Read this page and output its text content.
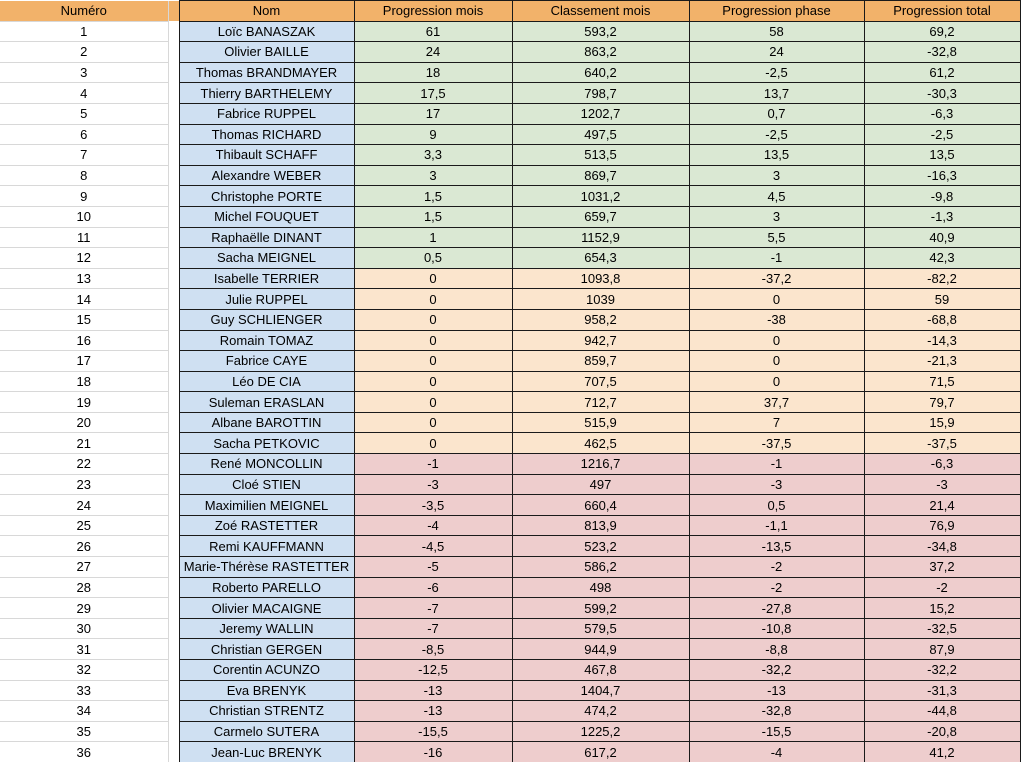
Numéro		Nom	Progression mois	Classement mois	Progression phase	Progression total	
1		Loïc BANASZAK	61	593,2	58	69,2	
2		Olivier BAILLE	24	863,2	24	-32,8	
3		Thomas BRANDMAYER	18	640,2	-2,5	61,2	
4		Thierry BARTHELEMY	17,5	798,7	13,7	-30,3	
5		Fabrice RUPPEL	17	1202,7	0,7	-6,3	
6		Thomas RICHARD	9	497,5	-2,5	-2,5	
7		Thibault SCHAFF	3,3	513,5	13,5	13,5	
8		Alexandre WEBER	3	869,7	3	-16,3	
9		Christophe PORTE	1,5	1031,2	4,5	-9,8	
10		Michel FOUQUET	1,5	659,7	3	-1,3	
11		Raphaëlle DINANT	1	1152,9	5,5	40,9	
12		Sacha MEIGNEL	0,5	654,3	-1	42,3	
13		Isabelle TERRIER	0	1093,8	-37,2	-82,2	
14		Julie RUPPEL	0	1039	0	59	
15		Guy SCHLIENGER	0	958,2	-38	-68,8	
16		Romain TOMAZ	0	942,7	0	-14,3	
17		Fabrice CAYE	0	859,7	0	-21,3	
18		Léo DE CIA	0	707,5	0	71,5	
19		Suleman ERASLAN	0	712,7	37,7	79,7	
20		Albane BAROTTIN	0	515,9	7	15,9	
21		Sacha PETKOVIC	0	462,5	-37,5	-37,5	
22		René MONCOLLIN	-1	1216,7	-1	-6,3	
23		Cloé STIEN	-3	497	-3	-3	
24		Maximilien MEIGNEL	-3,5	660,4	0,5	21,4	
25		Zoé RASTETTER	-4	813,9	-1,1	76,9	
26		Remi KAUFFMANN	-4,5	523,2	-13,5	-34,8	
27		Marie-Thérèse RASTETTER	-5	586,2	-2	37,2	
28		Roberto PARELLO	-6	498	-2	-2	
29		Olivier MACAIGNE	-7	599,2	-27,8	15,2	
30		Jeremy WALLIN	-7	579,5	-10,8	-32,5	
31		Christian GERGEN	-8,5	944,9	-8,8	87,9	
32		Corentin ACUNZO	-12,5	467,8	-32,2	-32,2	
33		Eva BRENYK	-13	1404,7	-13	-31,3	
34		Christian STRENTZ	-13	474,2	-32,8	-44,8	
35		Carmelo SUTERA	-15,5	1225,2	-15,5	-20,8	
36		Jean-Luc BRENYK	-16	617,2	-4	41,2	
